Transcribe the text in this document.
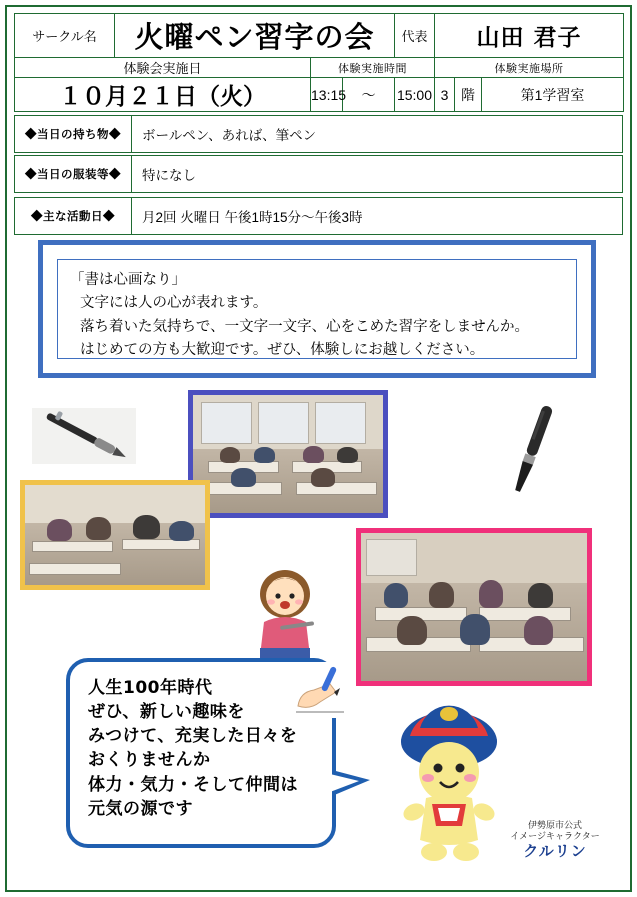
サークル名	火曜ペン習字の会			代表	山田 君子		
体験会実施日		体験実施時間			体験実施場所		
１０月２１日（火）		13:15	〜	15:00	3	階	第1学習室
◆当日の持ち物◆	ボールペン、あれば、筆ペン
◆当日の服装等◆	特になし
◆主な活動日◆	月2回 火曜日 午後1時15分〜午後3時
「書は心画なり」
文字には人の心が表れます。
落ち着いた気持ちで、一文字一文字、心をこめた習字をしませんか。
はじめての方も大歓迎です。ぜひ、体験しにお越しください。
人生100年時代
ぜひ、新しい趣味を
みつけて、充実した日々を
おくりませんか
体力・気力・そして仲間は
元気の源です
伊勢原市公式
イメージキャラクター
クルリン
